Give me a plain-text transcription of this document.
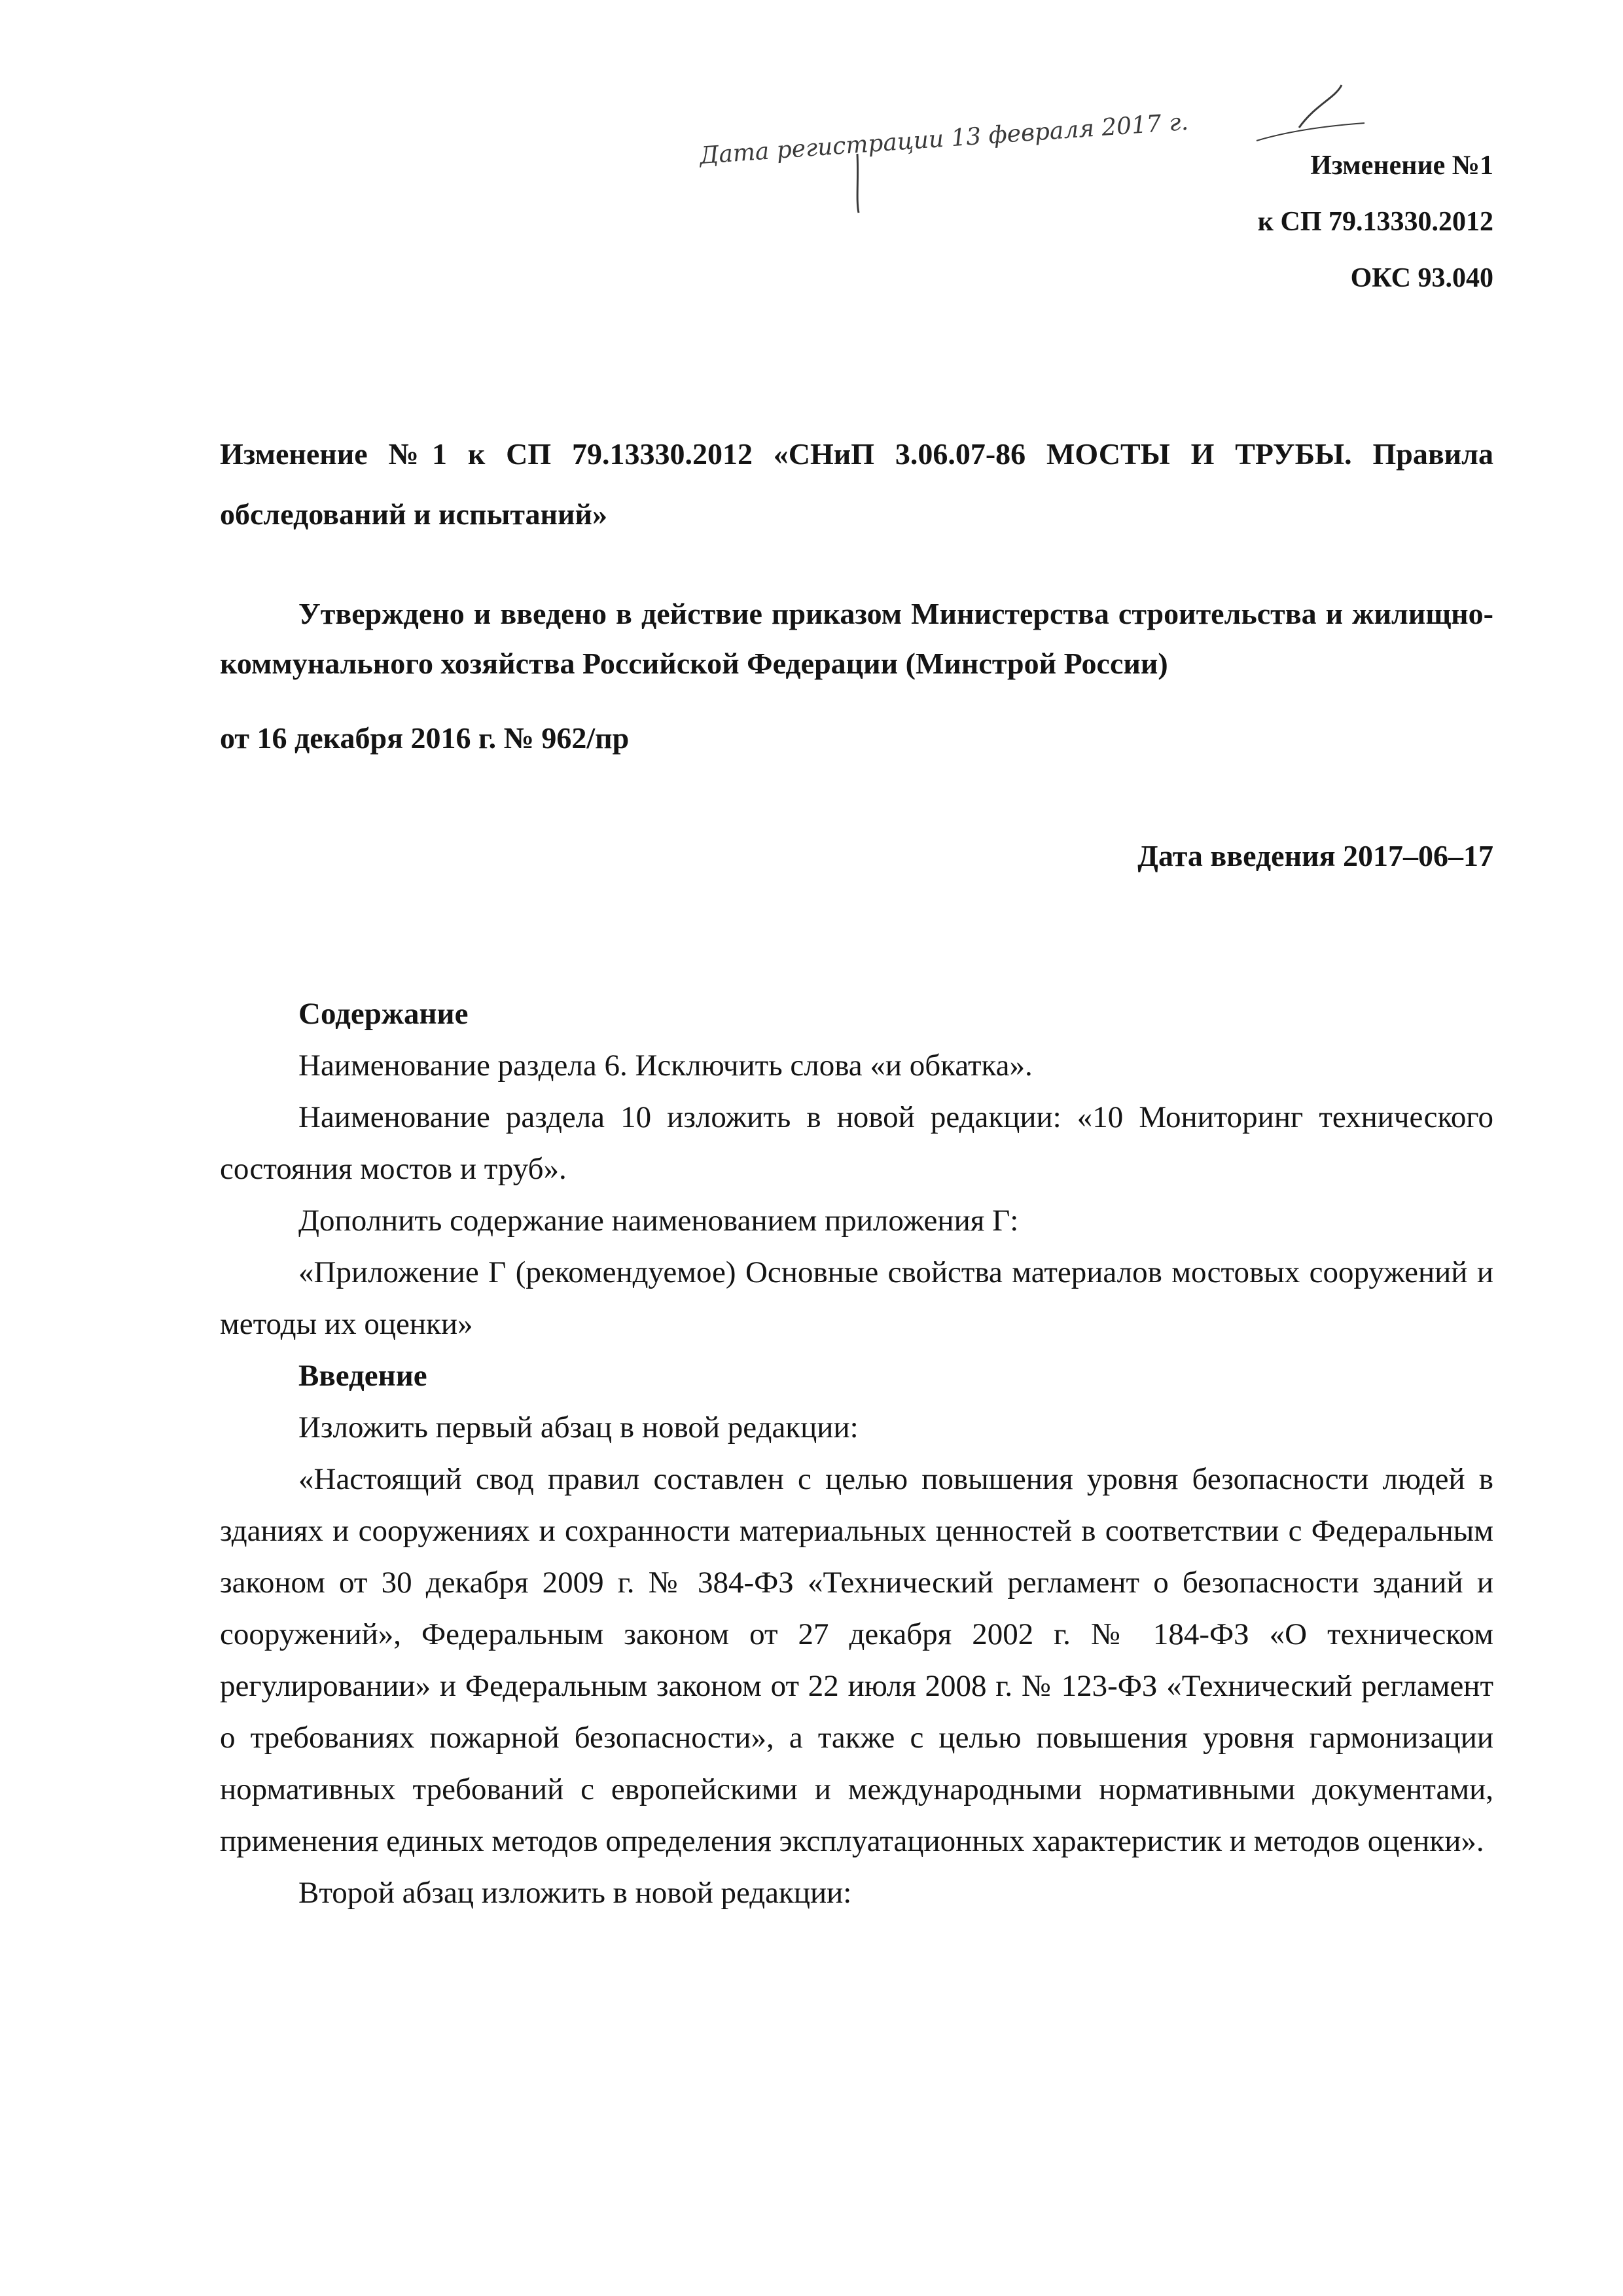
Дата регистрации 13 февраля 2017 г.	Изменение №1
к СП 79.13330.2012
ОКС 93.040
Изменение №1 к СП 79.13330.2012 «СНиП 3.06.07-86 МОСТЫ И ТРУБЫ. Правила обследований и испытаний»
Утверждено и введено в действие приказом Министерства строительства и жилищно-коммунального хозяйства Российской Федерации (Минстрой России)
от 16 декабря 2016 г. № 962/пр
Дата введения 2017–06–17

Содержание

Наименование раздела 6. Исключить слова «и обкатка».

Наименование раздела 10 изложить в новой редакции: «10 Мониторинг технического состояния мостов и труб».

Дополнить содержание наименованием приложения Г:

«Приложение Г (рекомендуемое) Основные свойства материалов мостовых сооружений и методы их оценки»

Введение

Изложить первый абзац в новой редакции:

«Настоящий свод правил составлен с целью повышения уровня безопасности людей в зданиях и сооружениях и сохранности материальных ценностей в соответствии с Федеральным законом от 30 декабря 2009 г. № 384-ФЗ «Технический регламент о безопасности зданий и сооружений», Федеральным законом от 27 декабря 2002 г. № 184-ФЗ «О техническом регулировании» и Федеральным законом от 22 июля 2008 г. № 123-ФЗ «Технический регламент о требованиях пожарной безопасности», а также с целью повышения уровня гармонизации нормативных требований с европейскими и международными нормативными документами, применения единых методов определения эксплуатационных характеристик и методов оценки».

Второй абзац изложить в новой редакции:
